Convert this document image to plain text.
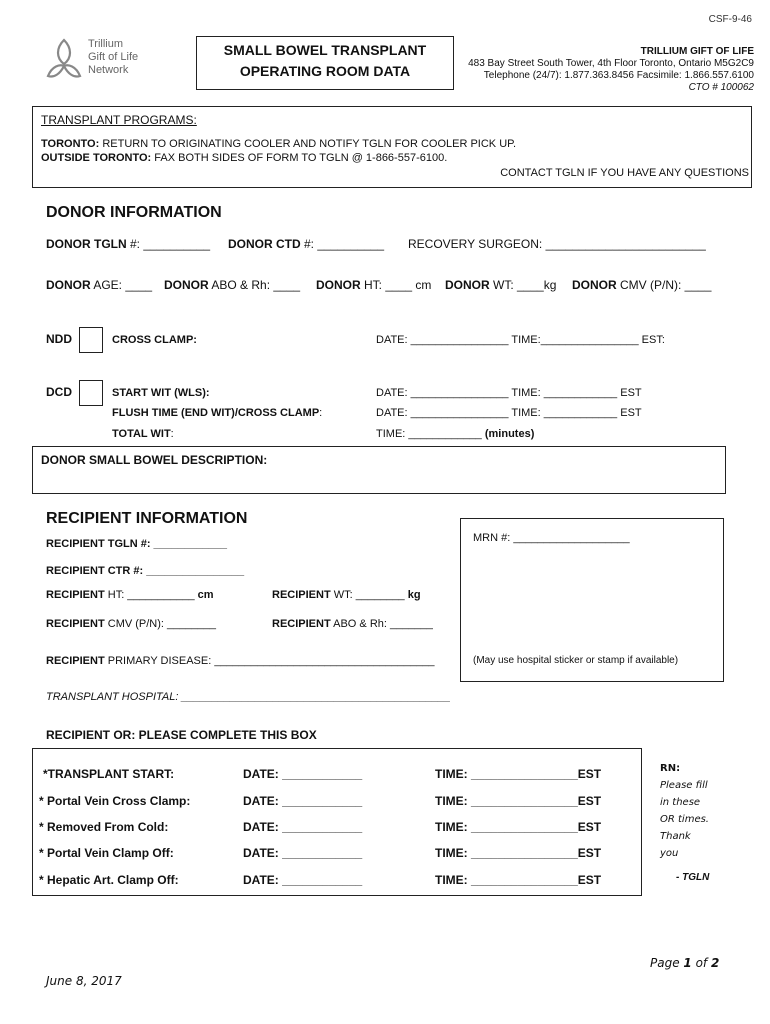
CSF-9-46
Trillium
Gift of Life
Network
SMALL BOWEL TRANSPLANT
OPERATING ROOM DATA
TRILLIUM GIFT OF LIFE
483 Bay Street South Tower, 4th Floor Toronto, Ontario M5G2C9
Telephone (24/7): 1.877.363.8456 Facsimile: 1.866.557.6100
CTO # 100062
TRANSPLANT PROGRAMS:
TORONTO: RETURN TO ORIGINATING COOLER AND NOTIFY TGLN FOR COOLER PICK UP.
OUTSIDE TORONTO: FAX BOTH SIDES OF FORM TO TGLN @ 1-866-557-6100.
CONTACT TGLN IF YOU HAVE ANY QUESTIONS
DONOR INFORMATION
DONOR TGLN #: __________ DONOR CTD #: __________ RECOVERY SURGEON: ________________________
DONOR AGE: ____ DONOR ABO & Rh: ____ DONOR HT: ____ cm DONOR WT: ____kg DONOR CMV (P/N): ____
NDD	CROSS CLAMP:	DATE: ________________ TIME:________________ EST:
DCD	START WIT (WLS):	DATE: ________________ TIME: ____________ EST
FLUSH TIME (END WIT)/CROSS CLAMP:	DATE: ________________ TIME: ____________ EST
TOTAL WIT:	TIME: ____________ (minutes)
DONOR SMALL BOWEL DESCRIPTION:
RECIPIENT INFORMATION
RECIPIENT TGLN #: ____________
RECIPIENT CTR #: ________________
RECIPIENT HT: ___________ cm	RECIPIENT WT: ________ kg
RECIPIENT CMV (P/N): ________	RECIPIENT ABO & Rh: _______
RECIPIENT PRIMARY DISEASE: ____________________________________
MRN #: ___________________
(May use hospital sticker or stamp if available)
TRANSPLANT HOSPITAL: ____________________________________________
RECIPIENT OR: PLEASE COMPLETE THIS BOX
*TRANSPLANT START:	DATE: ____________	TIME: ________________EST
* Portal Vein Cross Clamp:	DATE: ____________	TIME: ________________EST
* Removed From Cold:	DATE: ____________	TIME: ________________EST
* Portal Vein Clamp Off:	DATE: ____________	TIME: ________________EST
* Hepatic Art. Clamp Off:	DATE: ____________	TIME: ________________EST
RN:
Please fill
in these
OR times.
Thank
you
- TGLN
Page 1 of 2
June 8, 2017
